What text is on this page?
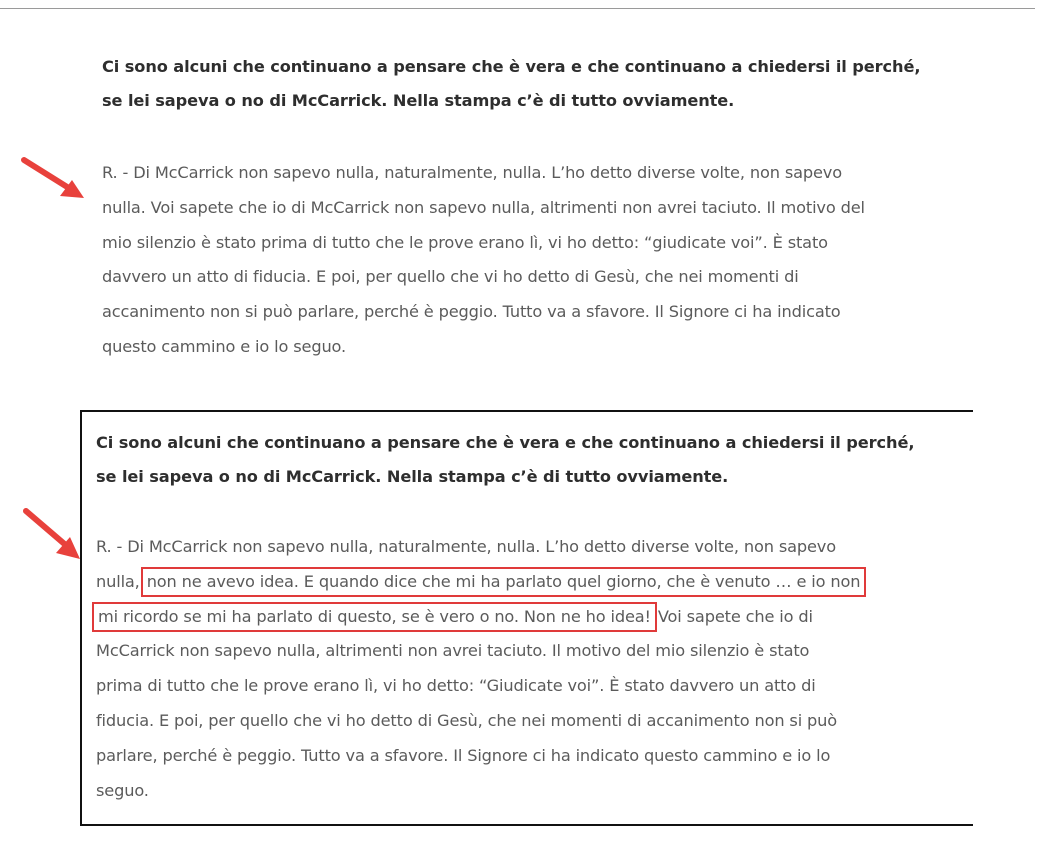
Ci sono alcuni che continuano a pensare che è vera e che continuano a chiedersi il perché,
se lei sapeva o no di McCarrick. Nella stampa c’è di tutto ovviamente.

R. - Di McCarrick non sapevo nulla, naturalmente, nulla. L’ho detto diverse volte, non sapevo
nulla. Voi sapete che io di McCarrick non sapevo nulla, altrimenti non avrei taciuto. Il motivo del
mio silenzio è stato prima di tutto che le prove erano lì, vi ho detto: “giudicate voi”. È stato
davvero un atto di fiducia. E poi, per quello che vi ho detto di Gesù, che nei momenti di
accanimento non si può parlare, perché è peggio. Tutto va a sfavore. Il Signore ci ha indicato
questo cammino e io lo seguo.

Ci sono alcuni che continuano a pensare che è vera e che continuano a chiedersi il perché,
se lei sapeva o no di McCarrick. Nella stampa c’è di tutto ovviamente.

R. - Di McCarrick non sapevo nulla, naturalmente, nulla. L’ho detto diverse volte, non sapevo
nulla, non ne avevo idea. E quando dice che mi ha parlato quel giorno, che è venuto … e io non
mi ricordo se mi ha parlato di questo, se è vero o no. Non ne ho idea! Voi sapete che io di
McCarrick non sapevo nulla, altrimenti non avrei taciuto. Il motivo del mio silenzio è stato
prima di tutto che le prove erano lì, vi ho detto: “Giudicate voi”. È stato davvero un atto di
fiducia. E poi, per quello che vi ho detto di Gesù, che nei momenti di accanimento non si può
parlare, perché è peggio. Tutto va a sfavore. Il Signore ci ha indicato questo cammino e io lo
seguo.
